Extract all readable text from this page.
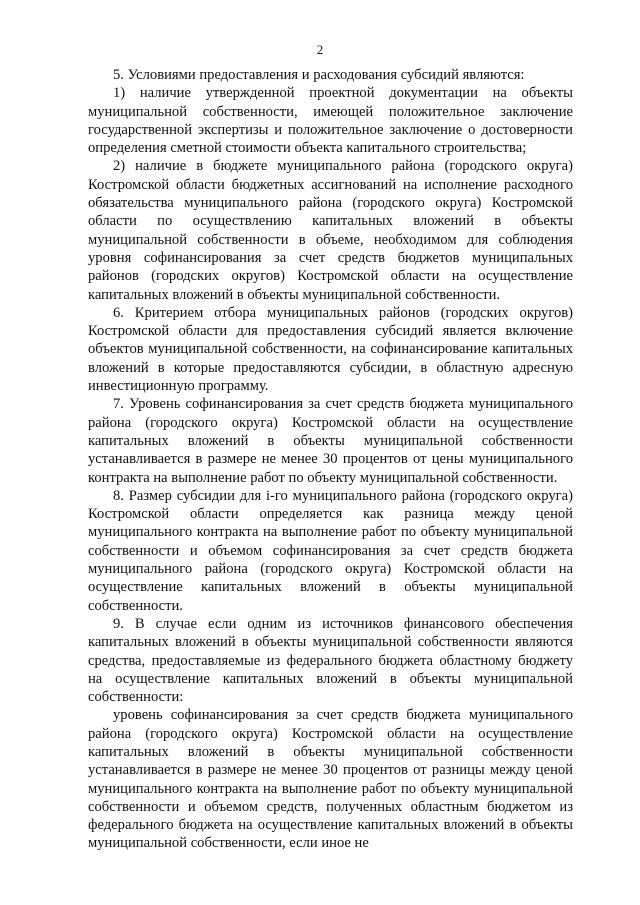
2

5. Условиями предоставления и расходования субсидий являются:

1) наличие утвержденной проектной документации на объекты муниципальной собственности, имеющей положительное заключение государственной экспертизы и положительное заключение о достоверности определения сметной стоимости объекта капитального строительства;

2) наличие в бюджете муниципального района (городского округа) Костромской области бюджетных ассигнований на исполнение расходного обязательства муниципального района (городского округа) Костромской области по осуществлению капитальных вложений в объекты муниципальной собственности в объеме, необходимом для соблюдения уровня софинансирования за счет средств бюджетов муниципальных районов (городских округов) Костромской области на осуществление капитальных вложений в объекты муниципальной собственности.

6. Критерием отбора муниципальных районов (городских округов) Костромской области для предоставления субсидий является включение объектов муниципальной собственности, на софинансирование капитальных вложений в которые предоставляются субсидии, в областную адресную инвестиционную программу.

7. Уровень софинансирования за счет средств бюджета муниципального района (городского округа) Костромской области на осуществление капитальных вложений в объекты муниципальной собственности устанавливается в размере не менее 30 процентов от цены муниципального контракта на выполнение работ по объекту муниципальной собственности.

8. Размер субсидии для i-го муниципального района (городского округа) Костромской области определяется как разница между ценой муниципального контракта на выполнение работ по объекту муниципальной собственности и объемом софинансирования за счет средств бюджета муниципального района (городского округа) Костромской области на осуществление капитальных вложений в объекты муниципальной собственности.

9. В случае если одним из источников финансового обеспечения капитальных вложений в объекты муниципальной собственности являются средства, предоставляемые из федерального бюджета областному бюджету на осуществление капитальных вложений в объекты муниципальной собственности:

уровень софинансирования за счет средств бюджета муниципального района (городского округа) Костромской области на осуществление капитальных вложений в объекты муниципальной собственности устанавливается в размере не менее 30 процентов от разницы между ценой муниципального контракта на выполнение работ по объекту муниципальной собственности и объемом средств, полученных областным бюджетом из федерального бюджета на осуществление капитальных вложений в объекты муниципальной собственности, если иное не
